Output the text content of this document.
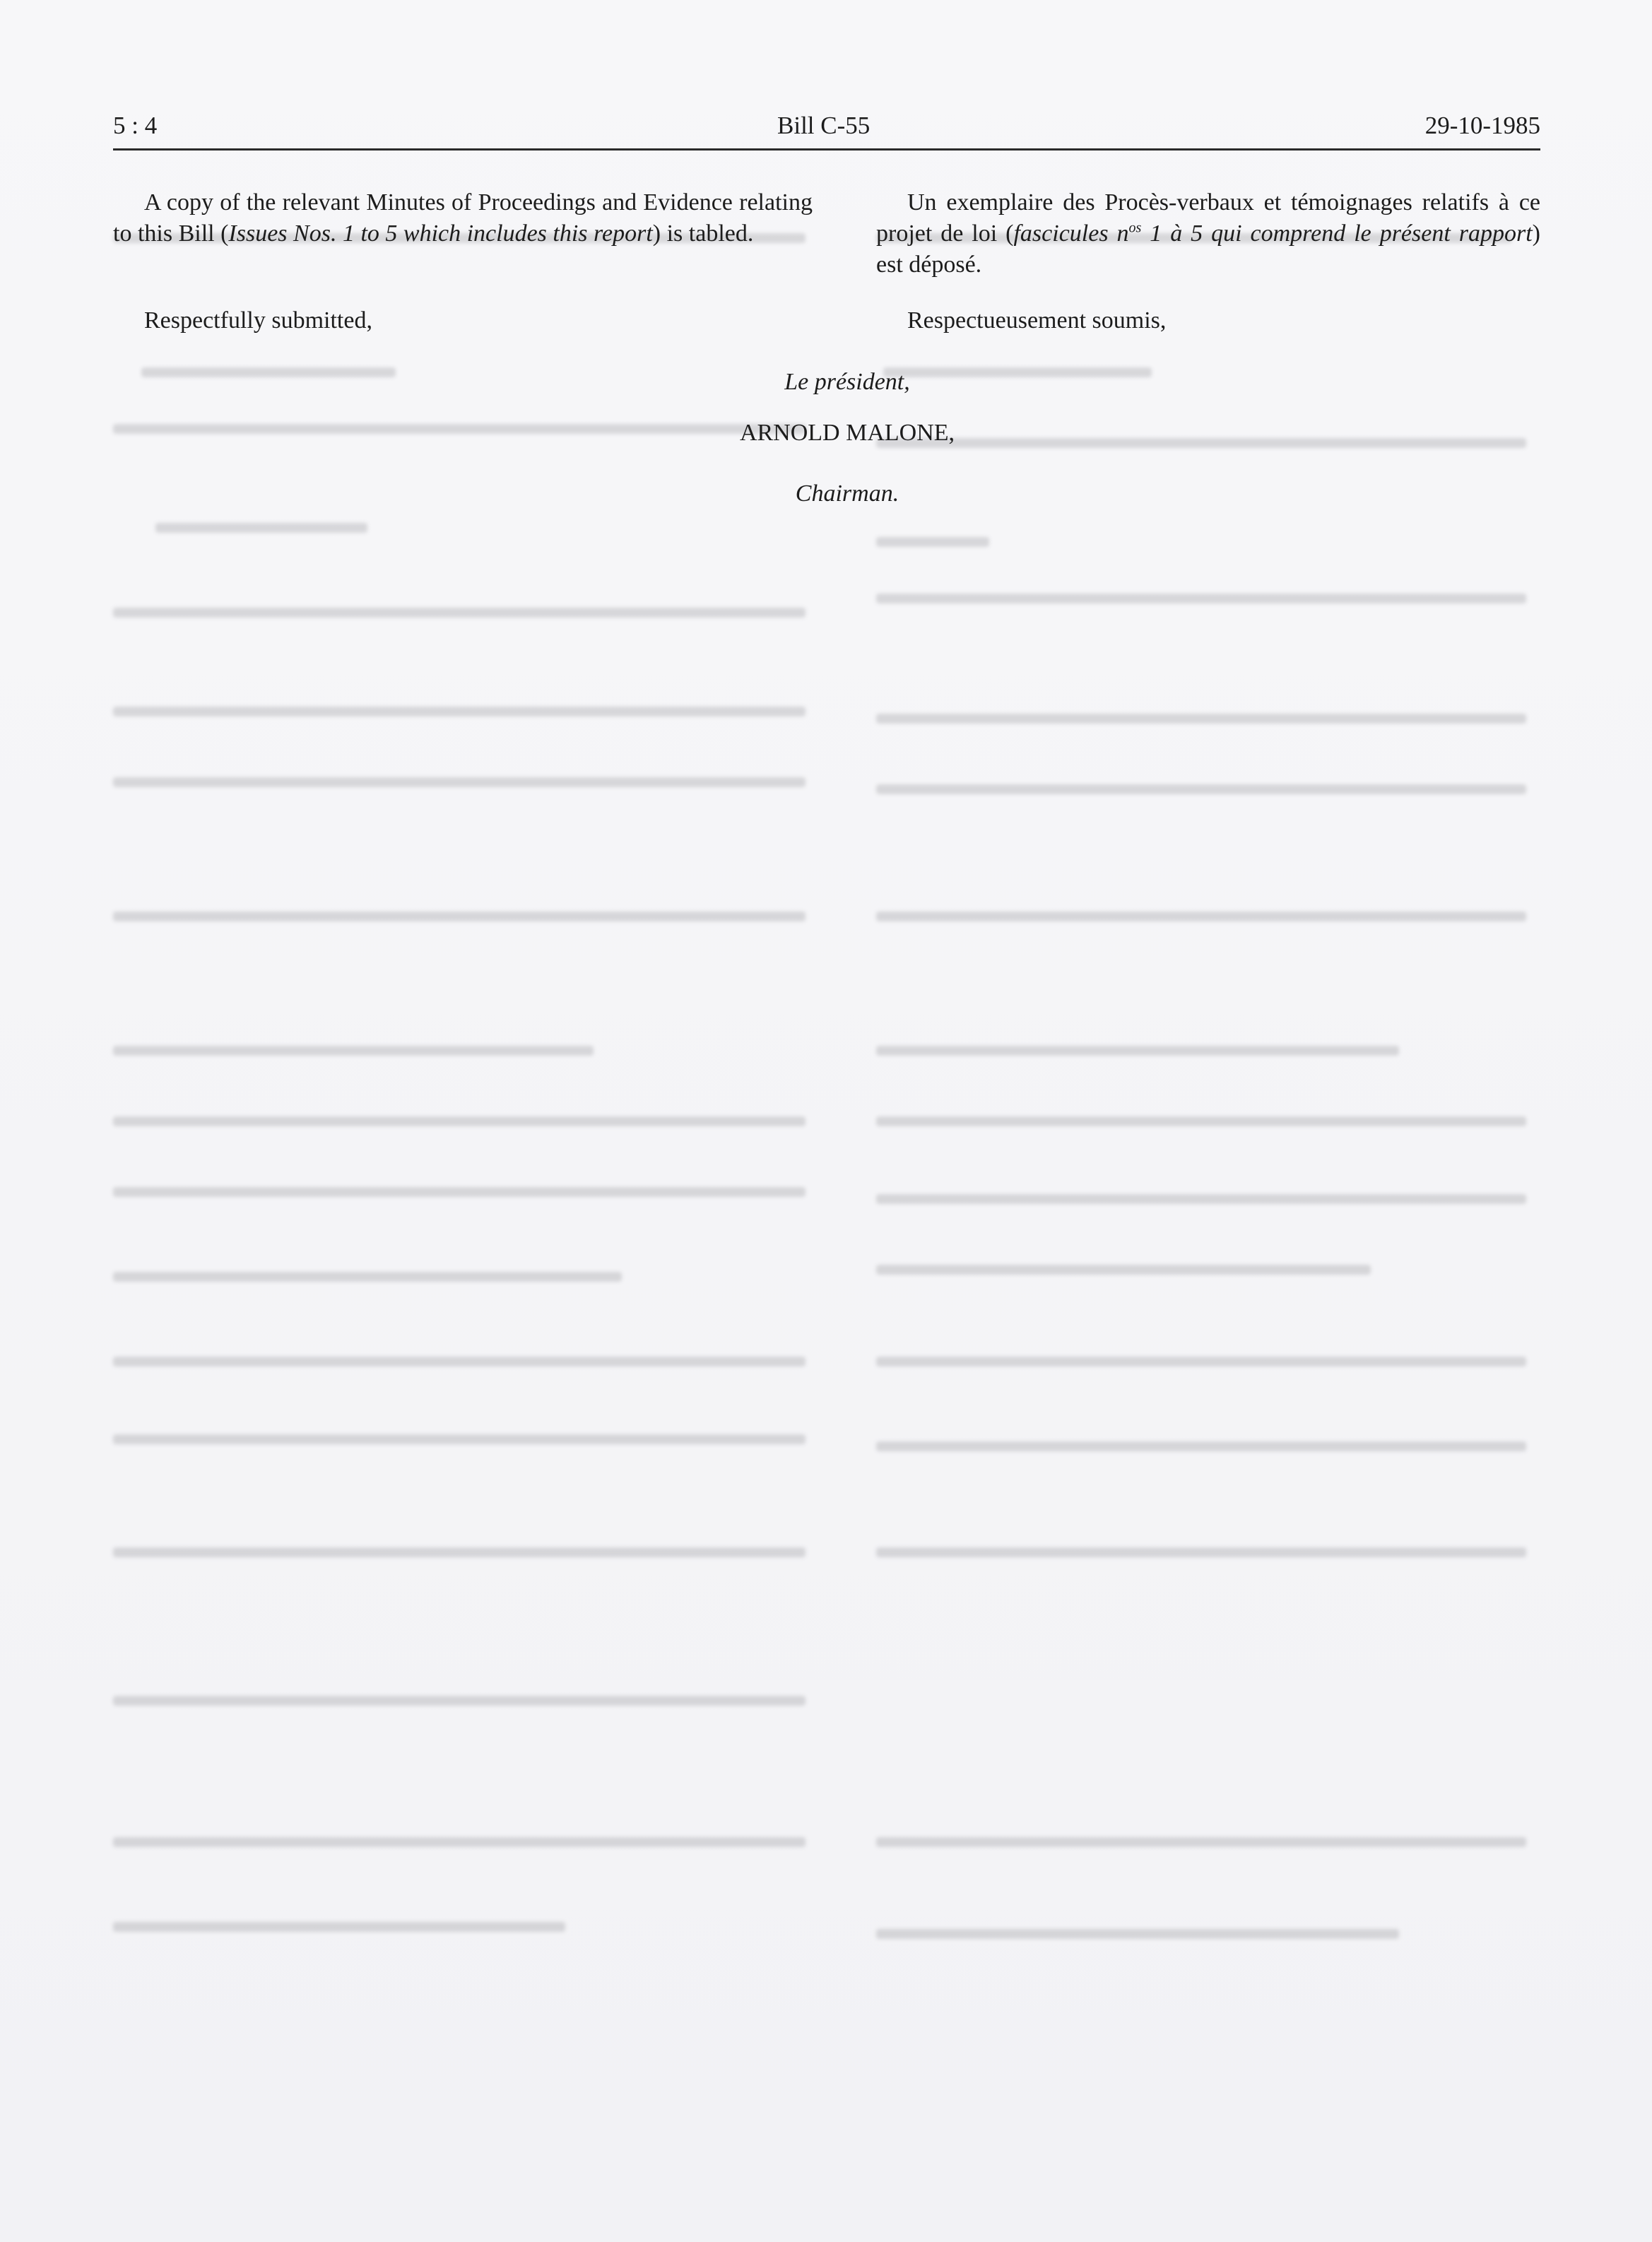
5 : 4	Bill C-55	29-10-1985

A copy of the relevant Minutes of Proceedings and Evidence relating to this Bill (Issues Nos. 1 to 5 which includes this report) is tabled.

Un exemplaire des Procès-verbaux et témoignages relatifs à ce projet de loi (fascicules $n^{os}$ 1 à 5 qui comprend le présent rapport) est déposé.

Respectfully submitted,	Respectueusement soumis,
Le président,
ARNOLD MALONE,
Chairman.
